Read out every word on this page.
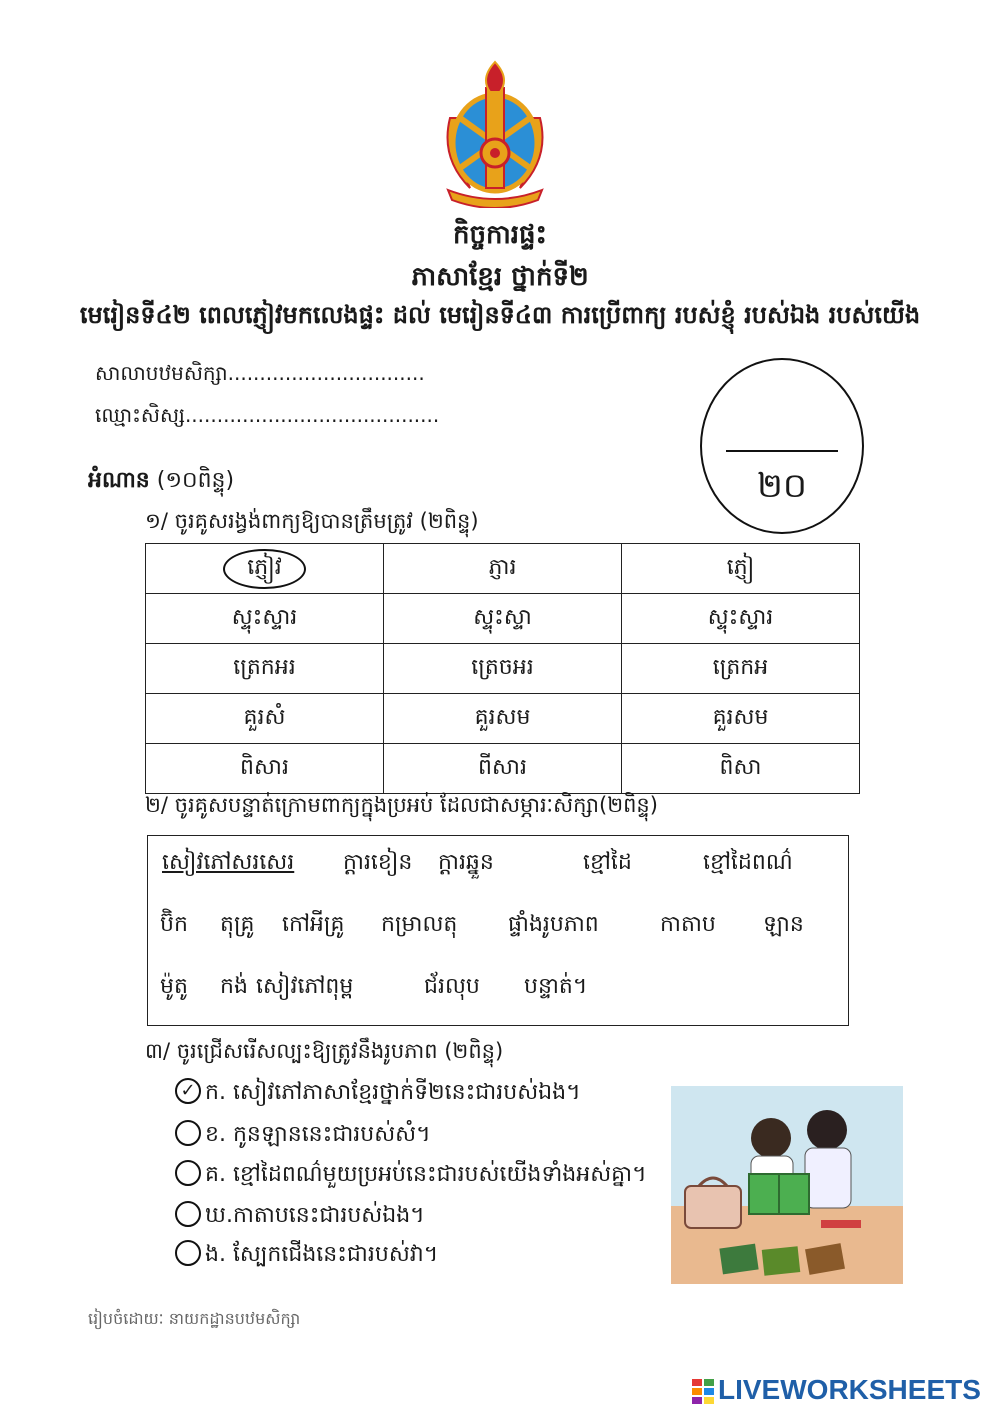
កិច្ចការផ្ទះ
ភាសាខ្មែរ ថ្នាក់ទី២
មេរៀនទី៤២ ពេលភ្ញៀវមកលេងផ្ទះ ដល់ មេរៀនទី៤៣ ការប្រើពាក្យ របស់ខ្ញុំ របស់ឯង របស់យើង
សាលាបឋមសិក្សា...............................
ឈ្មោះសិស្ស........................................
២០
អំណាន (១០ពិន្ទុ)
១/ ចូរគូសរង្វង់ពាក្យឱ្យបានត្រឹមត្រូវ (២ពិន្ទុ)
ភ្ញៀវ	ភ្ញារ	ភ្ញៀ
ស្ទុះស្ទារ	ស្ទុះស្ទា	ស្ទុះស្ទារ
ត្រេកអរ	ត្រេចអរ	ត្រេកអ
គួរសំ	គួរសម	គួរសម
ពិសារ	ពីសារ	ពិសា
២/ ចូរគូសបន្ទាត់ក្រោមពាក្យក្នុងប្រអប់ ដែលជាសម្ភារៈសិក្សា(២ពិន្ទុ)
សៀវភៅសរសេរ ក្តារខៀន ក្តារឆ្នួន	ខ្មៅដៃ	ខ្មៅដៃពណ៌
ប៊ិក តុគ្រូ កៅអីគ្រូ កម្រាលតុ ផ្ទាំងរូបភាព	កាតាប ឡាន
ម៉ូតូ កង់ សៀវភៅពុម្ព	ជ័រលុប បន្ទាត់។
៣/ ចូរជ្រើសរើសល្បះឱ្យត្រូវនឹងរូបភាព (២ពិន្ទុ)
✓ ក. សៀវភៅភាសាខ្មែរថ្នាក់ទី២នេះជារបស់ឯង។
ខ. កូនឡាននេះជារបស់សំ។
គ. ខ្មៅដៃពណ៌មួយប្រអប់នេះជារបស់យើងទាំងអស់គ្នា។
ឃ.កាតាបនេះជារបស់ឯង។
ង. ស្បែកជើងនេះជារបស់វា។
រៀបចំដោយៈ នាយកដ្ឋានបឋមសិក្សា
LIVEWORKSHEETS
